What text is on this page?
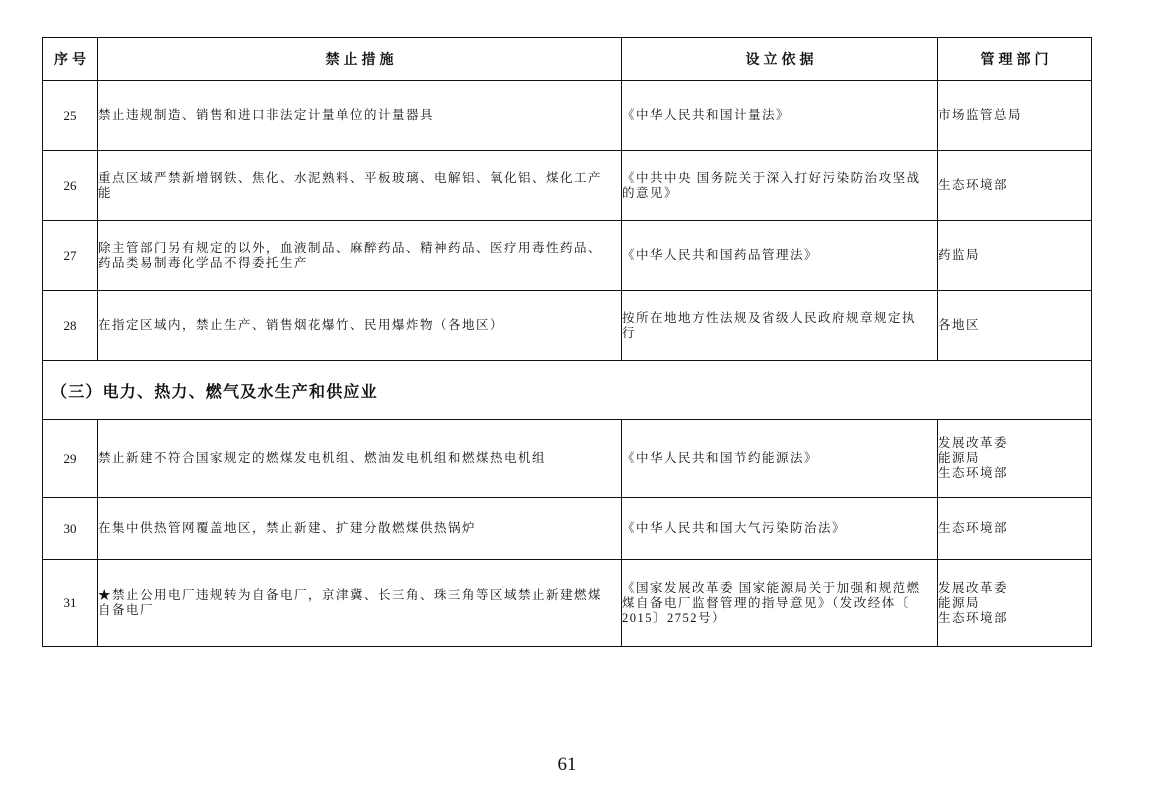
序号	禁止措施	设立依据	管理部门
25	禁止违规制造、销售和进口非法定计量单位的计量器具	《中华人民共和国计量法》	市场监管总局

26	重点区域严禁新增钢铁、焦化、水泥熟料、平板玻璃、电解铝、氧化铝、煤化工产
能	《中共中央 国务院关于深入打好污染防治攻坚战
的意见》	生态环境部

27	除主管部门另有规定的以外，血液制品、麻醉药品、精神药品、医疗用毒性药品、
药品类易制毒化学品不得委托生产	《中华人民共和国药品管理法》	药监局

28	在指定区域内，禁止生产、销售烟花爆竹、民用爆炸物（各地区）	按所在地地方性法规及省级人民政府规章规定执
行	各地区

（三）电力、热力、燃气及水生产和供应业			
29	禁止新建不符合国家规定的燃煤发电机组、燃油发电机组和燃煤热电机组	《中华人民共和国节约能源法》	发展改革委
能源局
生态环境部

30	在集中供热管网覆盖地区，禁止新建、扩建分散燃煤供热锅炉	《中华人民共和国大气污染防治法》	生态环境部

31	★禁止公用电厂违规转为自备电厂，京津冀、长三角、珠三角等区域禁止新建燃煤
自备电厂	《国家发展改革委 国家能源局关于加强和规范燃
煤自备电厂监督管理的指导意见》（发改经体〔
2015〕2752号）	发展改革委
能源局
生态环境部
61
